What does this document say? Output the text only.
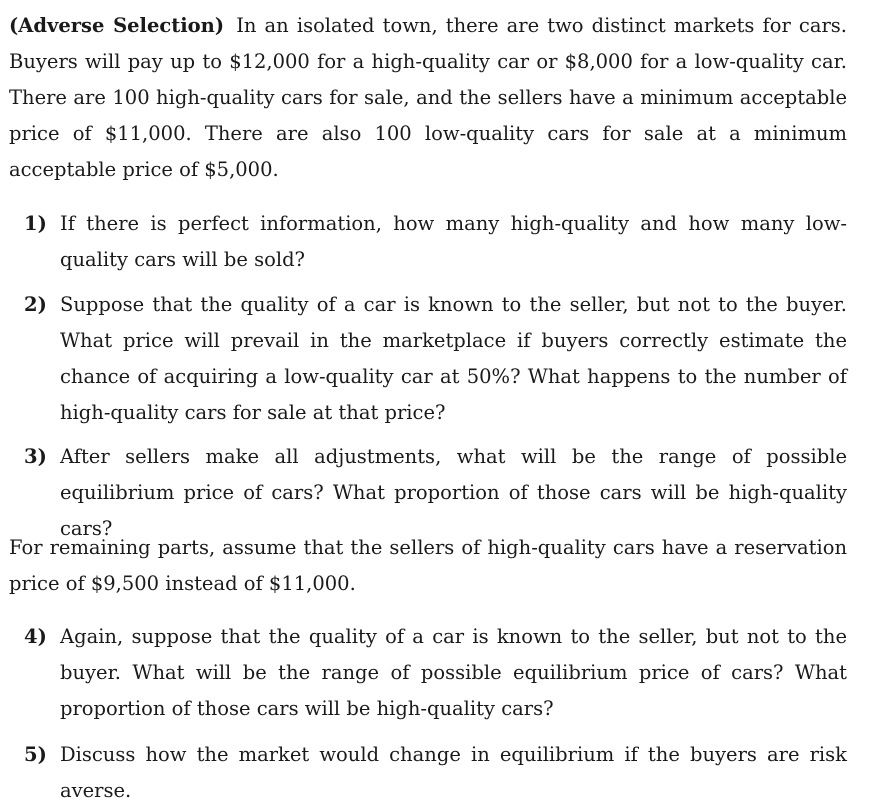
(Adverse Selection) In an isolated town, there are two distinct markets for cars. Buyers will pay up to $12,000 for a high-quality car or $8,000 for a low-quality car. There are 100 high-quality cars for sale, and the sellers have a minimum acceptable price of $11,000. There are also 100 low-quality cars for sale at a minimum acceptable price of $5,000.

1) If there is perfect information, how many high-quality and how many low-quality cars will be sold?

2) Suppose that the quality of a car is known to the seller, but not to the buyer. What price will prevail in the marketplace if buyers correctly estimate the chance of acquiring a low-quality car at 50%? What happens to the number of high-quality cars for sale at that price?

3) After sellers make all adjustments, what will be the range of possible equilibrium price of cars? What proportion of those cars will be high-quality cars?

For remaining parts, assume that the sellers of high-quality cars have a reservation price of $9,500 instead of $11,000.

4) Again, suppose that the quality of a car is known to the seller, but not to the buyer. What will be the range of possible equilibrium price of cars? What proportion of those cars will be high-quality cars?

5) Discuss how the market would change in equilibrium if the buyers are risk averse.
